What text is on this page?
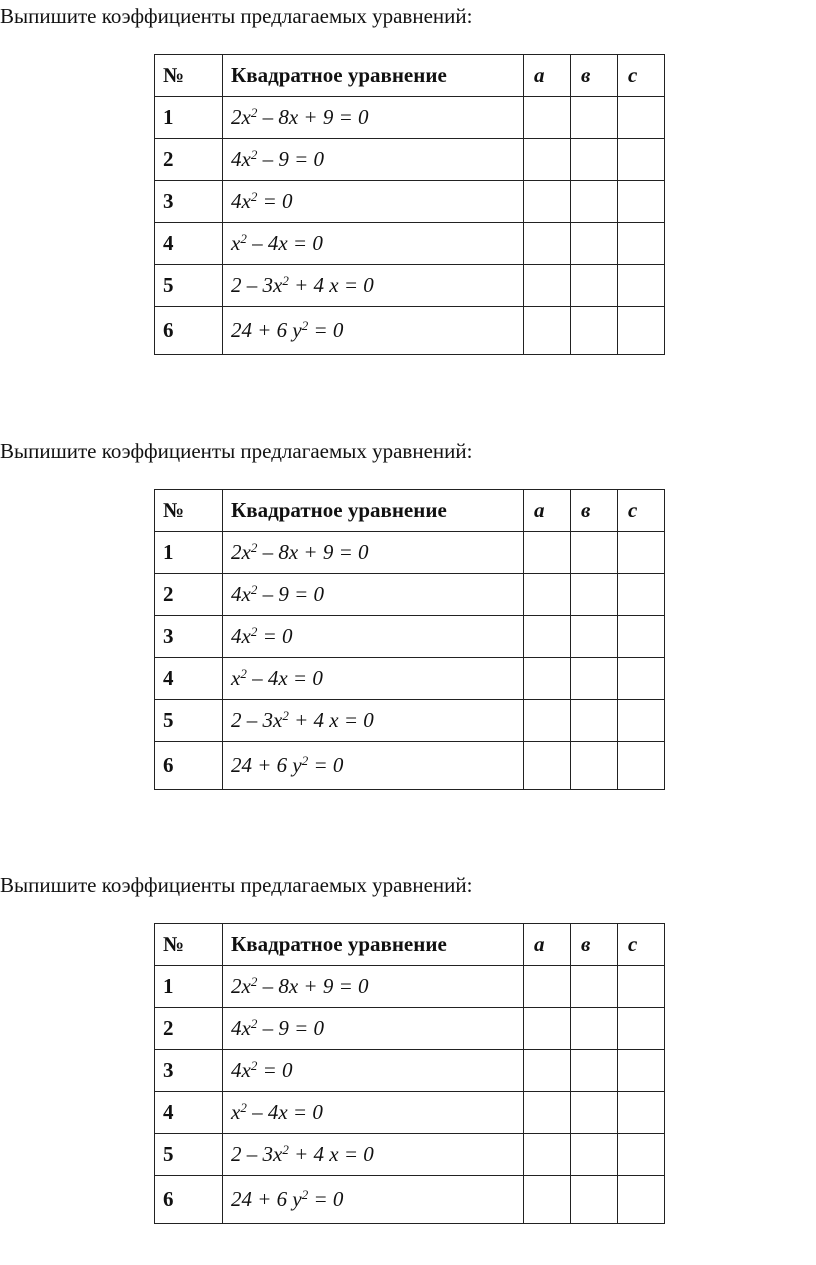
Выпишите коэффициенты предлагаемых уравнений:
№	Квадратное уравнение	а	в	с
1	$2x^2 - 8x + 9 = 0$			
2	$4x^2 - 9 = 0$			
3	$4x^2 = 0$			
4	$x^2 - 4x = 0$			
5	$2 - 3x^2 + 4$ x = 0			
6	24 + 6 $y^2 = 0$			
Выпишите коэффициенты предлагаемых уравнений:
№	Квадратное уравнение	а	в	с
1	$2x^2 - 8x + 9 = 0$			
2	$4x^2 - 9 = 0$			
3	$4x^2 = 0$			
4	$x^2 - 4x = 0$			
5	$2 - 3x^2 + 4$ x = 0			
6	24 + 6 $y^2 = 0$			
Выпишите коэффициенты предлагаемых уравнений:
№	Квадратное уравнение	а	в	с
1	$2x^2 - 8x + 9 = 0$			
2	$4x^2 - 9 = 0$			
3	$4x^2 = 0$			
4	$x^2 - 4x = 0$			
5	$2 - 3x^2 + 4$ x = 0			
6	24 + 6 $y^2 = 0$			
